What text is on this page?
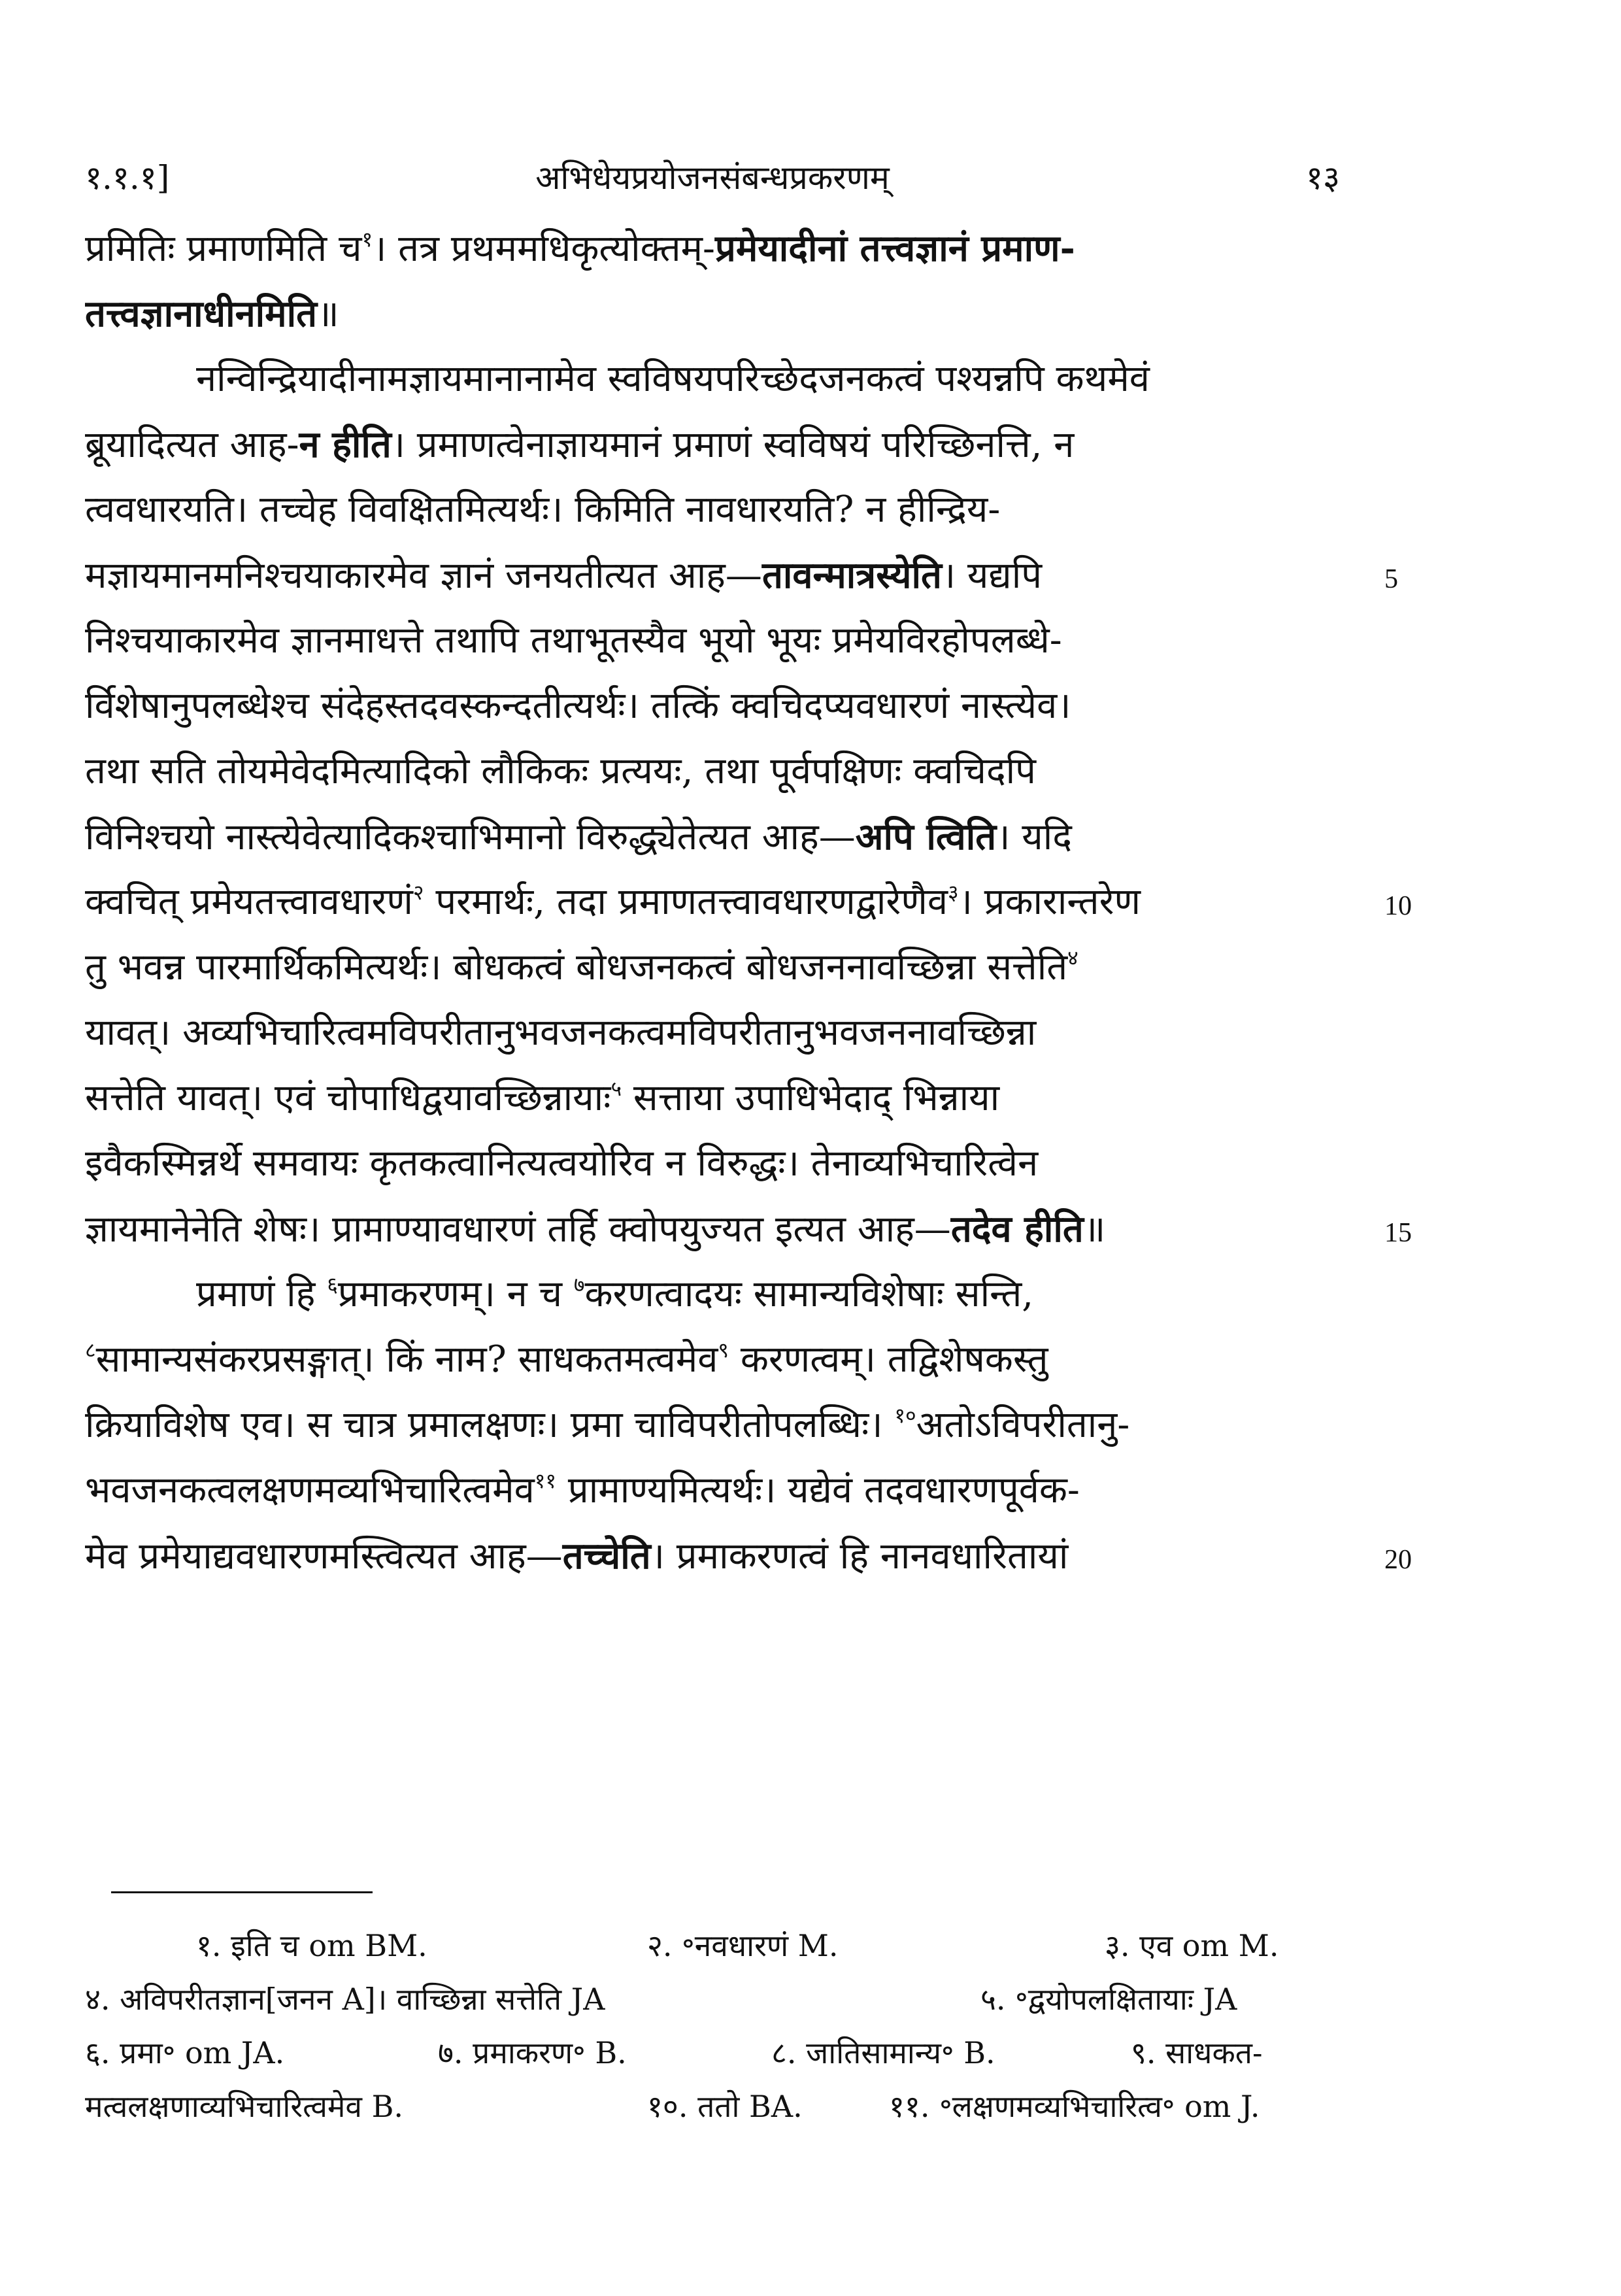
१.१.१]	अभिधेयप्रयोजनसंबन्धप्रकरणम्	१३
प्रमितिः प्रमाणमिति च$^१$। तत्र प्रथममधिकृत्योक्तम्-प्रमेयादीनां तत्त्वज्ञानं प्रमाण-
तत्त्वज्ञानाधीनमिति॥
नन्विन्द्रियादीनामज्ञायमानानामेव स्वविषयपरिच्छेदजनकत्वं पश्यन्नपि कथमेवं
ब्रूयादित्यत आह-न हीति। प्रमाणत्वेनाज्ञायमानं प्रमाणं स्वविषयं परिच्छिनत्ति, न
त्ववधारयति। तच्चेह विवक्षितमित्यर्थः। किमिति नावधारयति? न हीन्द्रिय-
मज्ञायमानमनिश्चयाकारमेव ज्ञानं जनयतीत्यत आह—तावन्मात्रस्येति। यद्यपि
निश्चयाकारमेव ज्ञानमाधत्ते तथापि तथाभूतस्यैव भूयो भूयः प्रमेयविरहोपलब्धे-
र्विशेषानुपलब्धेश्च संदेहस्तदवस्कन्दतीत्यर्थः। तत्किं क्वचिदप्यवधारणं नास्त्येव।
तथा सति तोयमेवेदमित्यादिको लौकिकः प्रत्ययः, तथा पूर्वपक्षिणः क्वचिदपि
विनिश्चयो नास्त्येवेत्यादिकश्चाभिमानो विरुद्ध्येतेत्यत आह—अपि त्विति। यदि
क्वचित् प्रमेयतत्त्वावधारणं$^२$ परमार्थः, तदा प्रमाणतत्त्वावधारणद्वारेणैव$^३$। प्रकारान्तरेण
तु भवन्न पारमार्थिकमित्यर्थः। बोधकत्वं बोधजनकत्वं बोधजननावच्छिन्ना सत्तेति$^४$
यावत्। अव्यभिचारित्वमविपरीतानुभवजनकत्वमविपरीतानुभवजननावच्छिन्ना
सत्तेति यावत्। एवं चोपाधिद्वयावच्छिन्नायाः$^५$ सत्ताया उपाधिभेदाद् भिन्नाया
इवैकस्मिन्नर्थे समवायः कृतकत्वानित्यत्वयोरिव न विरुद्धः। तेनाव्यभिचारित्वेन
ज्ञायमानेनेति शेषः। प्रामाण्यावधारणं तर्हि क्वोपयुज्यत इत्यत आह—तदेव हीति॥
प्रमाणं हि $^६$प्रमाकरणम्। न च $^७$करणत्वादयः सामान्यविशेषाः सन्ति,
$^८$सामान्यसंकरप्रसङ्गात्। किं नाम? साधकतमत्वमेव$^९$ करणत्वम्। तद्विशेषकस्तु
क्रियाविशेष एव। स चात्र प्रमालक्षणः। प्रमा चाविपरीतोपलब्धिः। $^{१०}$अतोऽविपरीतानु-
भवजनकत्वलक्षणमव्यभिचारित्वमेव$^{११}$ प्रामाण्यमित्यर्थः। यद्येवं तदवधारणपूर्वक-
मेव प्रमेयाद्यवधारणमस्त्वित्यत आह—तच्चेति। प्रमाकरणत्वं हि नानवधारितायां
5
10
15
20
१. इति च om BM.	२. ॰नवधारणं M.	३. एव om M.
४. अविपरीतज्ञान[जनन A]। वाच्छिन्ना सत्तेति JA	५. ॰द्वयोपलक्षितायाः JA
६. प्रमा॰ om JA.	७. प्रमाकरण॰ B.	८. जातिसामान्य॰ B.	९. साधकत-
मत्वलक्षणाव्यभिचारित्वमेव B.	१०. ततो BA.	११. ॰लक्षणमव्यभिचारित्व॰ om J.
